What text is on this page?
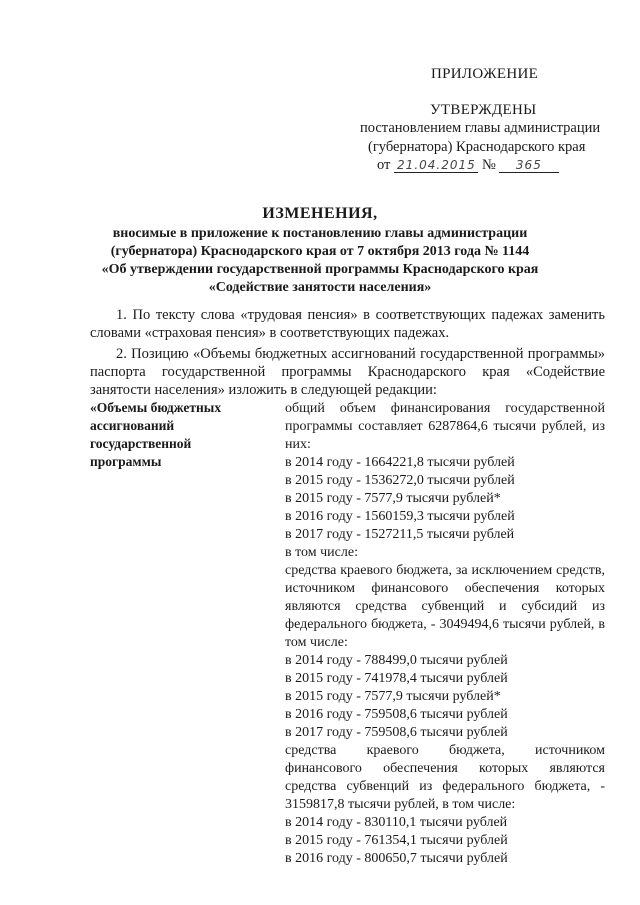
ПРИЛОЖЕНИЕ
УТВЕРЖДЕНЫ
постановлением главы администрации
(губернатора) Краснодарского края
от 21.04.2015 № 365
ИЗМЕНЕНИЯ,
вносимые в приложение к постановлению главы администрации
(губернатора) Краснодарского края от 7 октября 2013 года № 1144
«Об утверждении государственной программы Краснодарского края
«Содействие занятости населения»
1. По тексту слова «трудовая пенсия» в соответствующих падежах заменить словами «страховая пенсия» в соответствующих падежах.
2. Позицию «Объемы бюджетных ассигнований государственной программы» паспорта государственной программы Краснодарского края «Содействие занятости населения» изложить в следующей редакции:
«Объемы бюджетных ассигнований государственной программы
общий объем финансирования государственной программы составляет 6287864,6 тысячи рублей, из них:
в 2014 году - 1664221,8 тысячи рублей
в 2015 году - 1536272,0 тысячи рублей
в 2015 году - 7577,9 тысячи рублей*
в 2016 году - 1560159,3 тысячи рублей
в 2017 году - 1527211,5 тысячи рублей
в том числе:
средства краевого бюджета, за исключением средств, источником финансового обеспечения которых являются средства субвенций и субсидий из федерального бюджета, - 3049494,6 тысячи рублей, в том числе:
в 2014 году - 788499,0 тысячи рублей
в 2015 году - 741978,4 тысячи рублей
в 2015 году - 7577,9 тысячи рублей*
в 2016 году - 759508,6 тысячи рублей
в 2017 году - 759508,6 тысячи рублей
средства краевого бюджета, источником финансового обеспечения которых являются средства субвенций из федерального бюджета, - 3159817,8 тысячи рублей, в том числе:
в 2014 году - 830110,1 тысячи рублей
в 2015 году - 761354,1 тысячи рублей
в 2016 году - 800650,7 тысячи рублей
